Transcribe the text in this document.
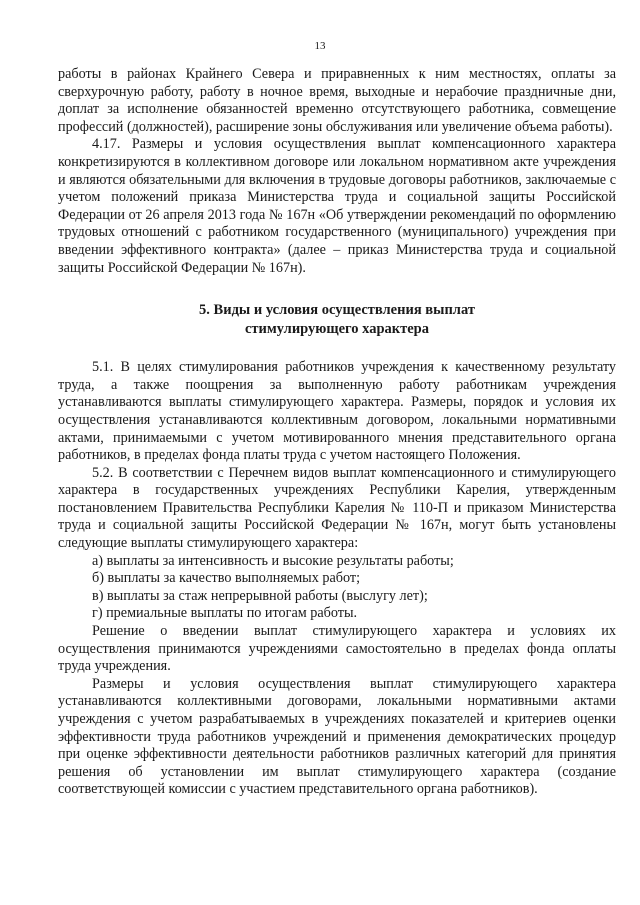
13

работы в районах Крайнего Севера и приравненных к ним местностях, оплаты за сверхурочную работу, работу в ночное время, выходные и нерабочие праздничные дни, доплат за исполнение обязанностей временно отсутствующего работника, совмещение профессий (должностей), расширение зоны обслуживания или увеличение объема работы).

4.17. Размеры и условия осуществления выплат компенсационного характера конкретизируются в коллективном договоре или локальном нормативном акте учреждения и являются обязательными для включения в трудовые договоры работников, заключаемые с учетом положений приказа Министерства труда и социальной защиты Российской Федерации от 26 апреля 2013 года № 167н «Об утверждении рекомендаций по оформлению трудовых отношений с работником государственного (муниципального) учреждения при введении эффективного контракта» (далее – приказ Министерства труда и социальной защиты Российской Федерации № 167н).

5. Виды и условия осуществления выплат
стимулирующего характера

5.1. В целях стимулирования работников учреждения к качественному результату труда, а также поощрения за выполненную работу работникам учреждения устанавливаются выплаты стимулирующего характера. Размеры, порядок и условия их осуществления устанавливаются коллективным договором, локальными нормативными актами, принимаемыми с учетом мотивированного мнения представительного органа работников, в пределах фонда платы труда с учетом настоящего Положения.

5.2. В соответствии с Перечнем видов выплат компенсационного и стимулирующего характера в государственных учреждениях Республики Карелия, утвержденным постановлением Правительства Республики Карелия № 110-П и приказом Министерства труда и социальной защиты Российской Федерации № 167н, могут быть установлены следующие выплаты стимулирующего характера:

а) выплаты за интенсивность и высокие результаты работы;

б) выплаты за качество выполняемых работ;

в) выплаты за стаж непрерывной работы (выслугу лет);

г) премиальные выплаты по итогам работы.

Решение о введении выплат стимулирующего характера и условиях их осуществления принимаются учреждениями самостоятельно в пределах фонда оплаты труда учреждения.

Размеры и условия осуществления выплат стимулирующего характера устанавливаются коллективными договорами, локальными нормативными актами учреждения с учетом разрабатываемых в учреждениях показателей и критериев оценки эффективности труда работников учреждений и применения демократических процедур при оценке эффективности деятельности работников различных категорий для принятия решения об установлении им выплат стимулирующего характера (создание соответствующей комиссии с участием представительного органа работников).
